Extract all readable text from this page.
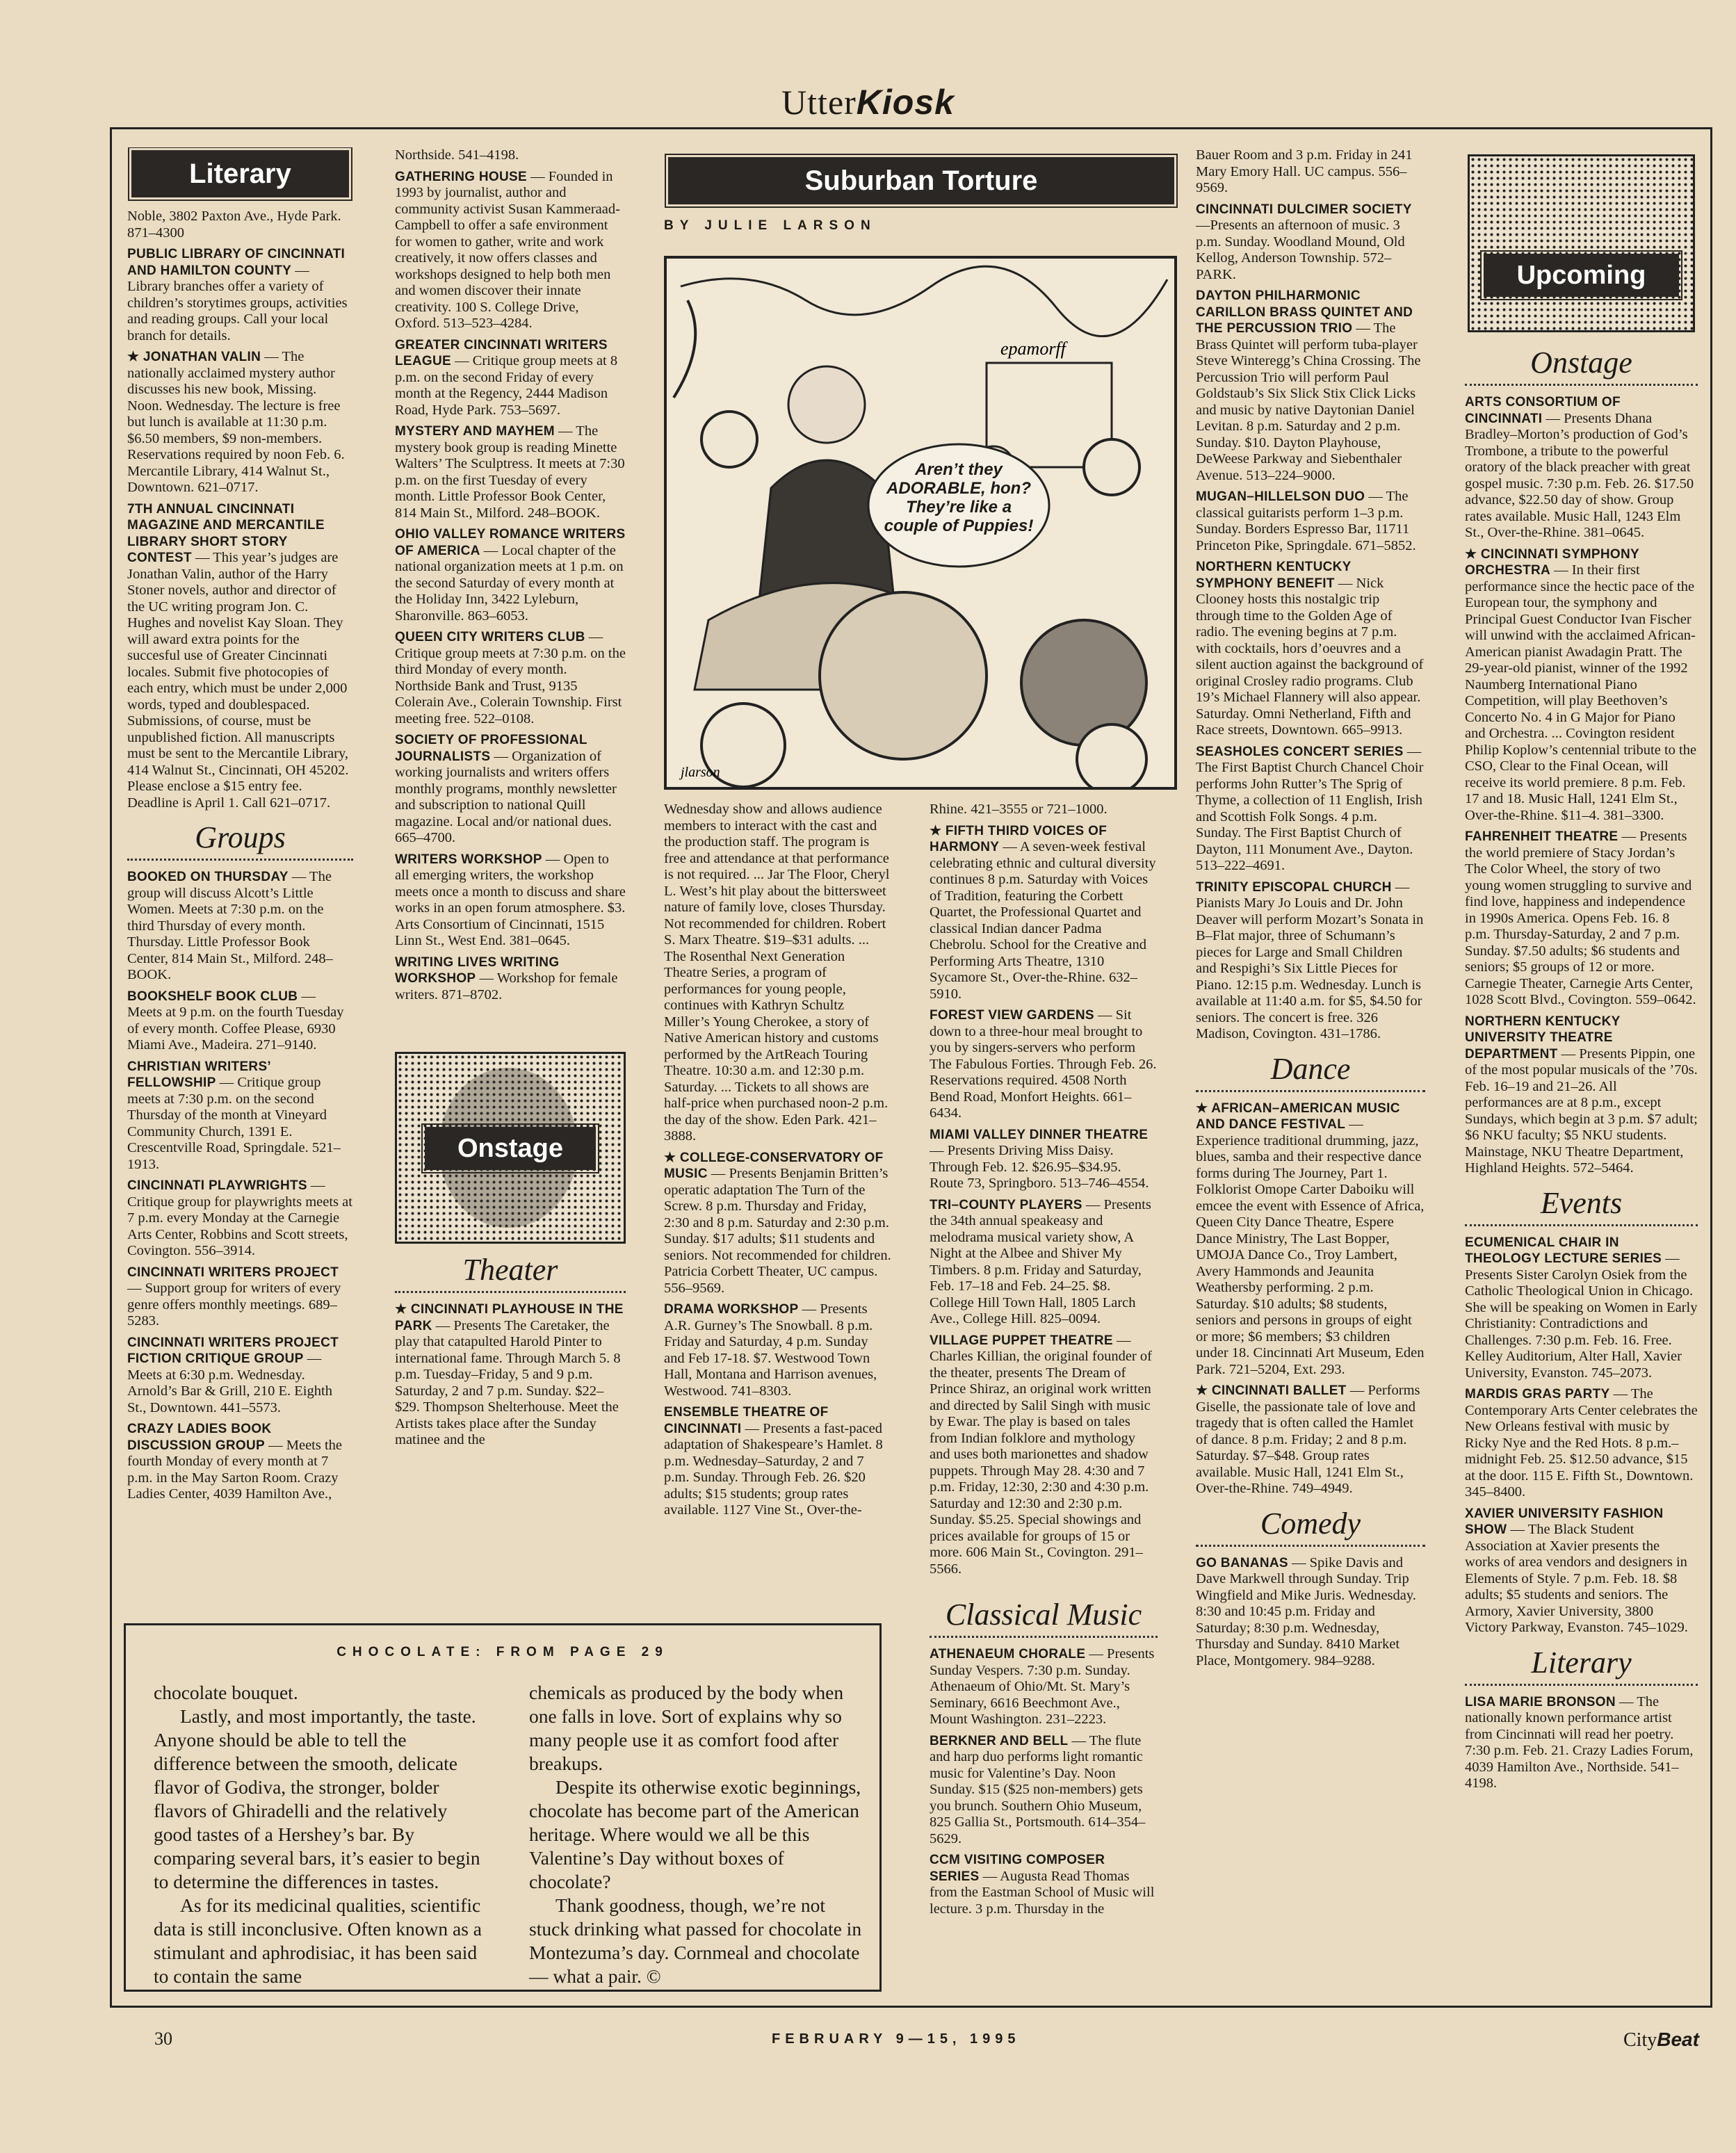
UtterKiosk
Literary

Noble, 3802 Paxton Ave., Hyde Park. 871–4300

PUBLIC LIBRARY OF CINCINNATI AND HAMILTON COUNTY — Library branches offer a variety of children’s storytimes groups, activities and reading groups. Call your local branch for details.

★ JONATHAN VALIN — The nationally acclaimed mystery author discusses his new book, Missing. Noon. Wednesday. The lecture is free but lunch is available at 11:30 p.m. $6.50 members, $9 non-members. Reservations required by noon Feb. 6. Mercantile Library, 414 Walnut St., Downtown. 621–0717.

7TH ANNUAL CINCINNATI MAGAZINE AND MERCANTILE LIBRARY SHORT STORY CONTEST — This year’s judges are Jonathan Valin, author of the Harry Stoner novels, author and director of the UC writing program Jon. C. Hughes and novelist Kay Sloan. They will award extra points for the succesful use of Greater Cincinnati locales. Submit five photocopies of each entry, which must be under 2,000 words, typed and doublespaced. Submissions, of course, must be unpublished fiction. All manuscripts must be sent to the Mercantile Library, 414 Walnut St., Cincinnati, OH 45202. Please enclose a $15 entry fee. Deadline is April 1. Call 621–0717.

Groups

BOOKED ON THURSDAY — The group will discuss Alcott’s Little Women. Meets at 7:30 p.m. on the third Thursday of every month. Thursday. Little Professor Book Center, 814 Main St., Milford. 248–BOOK.

BOOKSHELF BOOK CLUB — Meets at 9 p.m. on the fourth Tuesday of every month. Coffee Please, 6930 Miami Ave., Madeira. 271–9140.

CHRISTIAN WRITERS’ FELLOWSHIP — Critique group meets at 7:30 p.m. on the second Thursday of the month at Vineyard Community Church, 1391 E. Crescentville Road, Springdale. 521–1913.

CINCINNATI PLAYWRIGHTS — Critique group for playwrights meets at 7 p.m. every Monday at the Carnegie Arts Center, Robbins and Scott streets, Covington. 556–3914.

CINCINNATI WRITERS PROJECT — Support group for writers of every genre offers monthly meetings. 689–5283.

CINCINNATI WRITERS PROJECT FICTION CRITIQUE GROUP — Meets at 6:30 p.m. Wednesday. Arnold’s Bar & Grill, 210 E. Eighth St., Downtown. 441–5573.

CRAZY LADIES BOOK DISCUSSION GROUP — Meets the fourth Monday of every month at 7 p.m. in the May Sarton Room. Crazy Ladies Center, 4039 Hamilton Ave.,

Northside. 541–4198.

GATHERING HOUSE — Founded in 1993 by journalist, author and community activist Susan Kammeraad-Campbell to offer a safe environment for women to gather, write and work creatively, it now offers classes and workshops designed to help both men and women discover their innate creativity. 100 S. College Drive, Oxford. 513–523–4284.

GREATER CINCINNATI WRITERS LEAGUE — Critique group meets at 8 p.m. on the second Friday of every month at the Regency, 2444 Madison Road, Hyde Park. 753–5697.

MYSTERY AND MAYHEM — The mystery book group is reading Minette Walters’ The Sculptress. It meets at 7:30 p.m. on the first Tuesday of every month. Little Professor Book Center, 814 Main St., Milford. 248–BOOK.

OHIO VALLEY ROMANCE WRITERS OF AMERICA — Local chapter of the national organization meets at 1 p.m. on the second Saturday of every month at the Holiday Inn, 3422 Lyleburn, Sharonville. 863–6053.

QUEEN CITY WRITERS CLUB — Critique group meets at 7:30 p.m. on the third Monday of every month. Northside Bank and Trust, 9135 Colerain Ave., Colerain Township. First meeting free. 522–0108.

SOCIETY OF PROFESSIONAL JOURNALISTS — Organization of working journalists and writers offers monthly programs, monthly newsletter and subscription to national Quill magazine. Local and/or national dues. 665–4700.

WRITERS WORKSHOP — Open to all emerging writers, the workshop meets once a month to discuss and share works in an open forum atmosphere. $3. Arts Consortium of Cincinnati, 1515 Linn St., West End. 381–0645.

WRITING LIVES WRITING WORKSHOP — Workshop for female writers. 871–8702.

Onstage
Theater

★ CINCINNATI PLAYHOUSE IN THE PARK — Presents The Caretaker, the play that catapulted Harold Pinter to international fame. Through March 5. 8 p.m. Tuesday–Friday, 5 and 9 p.m. Saturday, 2 and 7 p.m. Sunday. $22–$29. Thompson Shelterhouse. Meet the Artists takes place after the Sunday matinee and the

Suburban Torture
BY JULIE LARSON
epamorff
jlarson
Aren’t they ADORABLE, hon? They’re like a couple of Puppies!

Wednesday show and allows audience members to interact with the cast and the production staff. The program is free and attendance at that performance is not required. ... Jar The Floor, Cheryl L. West’s hit play about the bittersweet nature of family love, closes Thursday. Not recommended for children. Robert S. Marx Theatre. $19–$31 adults. ... The Rosenthal Next Generation Theatre Series, a program of performances for young people, continues with Kathryn Schultz Miller’s Young Cherokee, a story of Native American history and customs performed by the ArtReach Touring Theatre. 10:30 a.m. and 12:30 p.m. Saturday. ... Tickets to all shows are half-price when purchased noon-2 p.m. the day of the show. Eden Park. 421–3888.

★ COLLEGE-CONSERVATORY OF MUSIC — Presents Benjamin Britten’s operatic adaptation The Turn of the Screw. 8 p.m. Thursday and Friday, 2:30 and 8 p.m. Saturday and 2:30 p.m. Sunday. $17 adults; $11 students and seniors. Not recommended for children. Patricia Corbett Theater, UC campus. 556–9569.

DRAMA WORKSHOP — Presents A.R. Gurney’s The Snowball. 8 p.m. Friday and Saturday, 4 p.m. Sunday and Feb 17-18. $7. Westwood Town Hall, Montana and Harrison avenues, Westwood. 741–8303.

ENSEMBLE THEATRE OF CINCINNATI — Presents a fast-paced adaptation of Shakespeare’s Hamlet. 8 p.m. Wednesday–Saturday, 2 and 7 p.m. Sunday. Through Feb. 26. $20 adults; $15 students; group rates available. 1127 Vine St., Over-the-

Rhine. 421–3555 or 721–1000.

★ FIFTH THIRD VOICES OF HARMONY — A seven-week festival celebrating ethnic and cultural diversity continues 8 p.m. Saturday with Voices of Tradition, featuring the Corbett Quartet, the Professional Quartet and classical Indian dancer Padma Chebrolu. School for the Creative and Performing Arts Theatre, 1310 Sycamore St., Over-the-Rhine. 632–5910.

FOREST VIEW GARDENS — Sit down to a three-hour meal brought to you by singers-servers who perform The Fabulous Forties. Through Feb. 26. Reservations required. 4508 North Bend Road, Monfort Heights. 661–6434.

MIAMI VALLEY DINNER THEATRE — Presents Driving Miss Daisy. Through Feb. 12. $26.95–$34.95. Route 73, Springboro. 513–746–4554.

TRI–COUNTY PLAYERS — Presents the 34th annual speakeasy and melodrama musical variety show, A Night at the Albee and Shiver My Timbers. 8 p.m. Friday and Saturday, Feb. 17–18 and Feb. 24–25. $8. College Hill Town Hall, 1805 Larch Ave., College Hill. 825–0094.

VILLAGE PUPPET THEATRE — Charles Killian, the original founder of the theater, presents The Dream of Prince Shiraz, an original work written and directed by Salil Singh with music by Ewar. The play is based on tales from Indian folklore and mythology and uses both marionettes and shadow puppets. Through May 28. 4:30 and 7 p.m. Friday, 12:30, 2:30 and 4:30 p.m. Saturday and 12:30 and 2:30 p.m. Sunday. $5.25. Special showings and prices available for groups of 15 or more. 606 Main St., Covington. 291–5566.

Classical Music

ATHENAEUM CHORALE — Presents Sunday Vespers. 7:30 p.m. Sunday. Athenaeum of Ohio/Mt. St. Mary’s Seminary, 6616 Beechmont Ave., Mount Washington. 231–2223.

BERKNER AND BELL — The flute and harp duo performs light romantic music for Valentine’s Day. Noon Sunday. $15 ($25 non-members) gets you brunch. Southern Ohio Museum, 825 Gallia St., Portsmouth. 614–354–5629.

CCM VISITING COMPOSER SERIES — Augusta Read Thomas from the Eastman School of Music will lecture. 3 p.m. Thursday in the

Bauer Room and 3 p.m. Friday in 241 Mary Emory Hall. UC campus. 556–9569.

CINCINNATI DULCIMER SOCIETY —Presents an afternoon of music. 3 p.m. Sunday. Woodland Mound, Old Kellog, Anderson Township. 572–PARK.

DAYTON PHILHARMONIC CARILLON BRASS QUINTET AND THE PERCUSSION TRIO — The Brass Quintet will perform tuba-player Steve Winteregg’s China Crossing. The Percussion Trio will perform Paul Goldstaub’s Six Slick Stix Click Licks and music by native Daytonian Daniel Levitan. 8 p.m. Saturday and 2 p.m. Sunday. $10. Dayton Playhouse, DeWeese Parkway and Siebenthaler Avenue. 513–224–9000.

MUGAN–HILLELSON DUO — The classical guitarists perform 1–3 p.m. Sunday. Borders Espresso Bar, 11711 Princeton Pike, Springdale. 671–5852.

NORTHERN KENTUCKY SYMPHONY BENEFIT — Nick Clooney hosts this nostalgic trip through time to the Golden Age of radio. The evening begins at 7 p.m. with cocktails, hors d’oeuvres and a silent auction against the background of original Crosley radio programs. Club 19’s Michael Flannery will also appear. Saturday. Omni Netherland, Fifth and Race streets, Downtown. 665–9913.

SEASHOLES CONCERT SERIES — The First Baptist Church Chancel Choir performs John Rutter’s The Sprig of Thyme, a collection of 11 English, Irish and Scottish Folk Songs. 4 p.m. Sunday. The First Baptist Church of Dayton, 111 Monument Ave., Dayton. 513–222–4691.

TRINITY EPISCOPAL CHURCH — Pianists Mary Jo Louis and Dr. John Deaver will perform Mozart’s Sonata in B–Flat major, three of Schumann’s pieces for Large and Small Children and Respighi’s Six Little Pieces for Piano. 12:15 p.m. Wednesday. Lunch is available at 11:40 a.m. for $5, $4.50 for seniors. The concert is free. 326 Madison, Covington. 431–1786.

Dance

★ AFRICAN–AMERICAN MUSIC AND DANCE FESTIVAL — Experience traditional drumming, jazz, blues, samba and their respective dance forms during The Journey, Part 1. Folklorist Omope Carter Daboiku will emcee the event with Essence of Africa, Queen City Dance Theatre, Espere Dance Ministry, The Last Bopper, UMOJA Dance Co., Troy Lambert, Avery Hammonds and Jeaunita Weathersby performing. 2 p.m. Saturday. $10 adults; $8 students, seniors and persons in groups of eight or more; $6 members; $3 children under 18. Cincinnati Art Museum, Eden Park. 721–5204, Ext. 293.

★ CINCINNATI BALLET — Performs Giselle, the passionate tale of love and tragedy that is often called the Hamlet of dance. 8 p.m. Friday; 2 and 8 p.m. Saturday. $7–$48. Group rates available. Music Hall, 1241 Elm St., Over-the-Rhine. 749–4949.

Comedy

GO BANANAS — Spike Davis and Dave Markwell through Sunday. Trip Wingfield and Mike Juris. Wednesday. 8:30 and 10:45 p.m. Friday and Saturday; 8:30 p.m. Wednesday, Thursday and Sunday. 8410 Market Place, Montgomery. 984–9288.

Upcoming
Onstage

ARTS CONSORTIUM OF CINCINNATI — Presents Dhana Bradley–Morton’s production of God’s Trombone, a tribute to the powerful oratory of the black preacher with great gospel music. 7:30 p.m. Feb. 26. $17.50 advance, $22.50 day of show. Group rates available. Music Hall, 1243 Elm St., Over-the-Rhine. 381–0645.

★ CINCINNATI SYMPHONY ORCHESTRA — In their first performance since the hectic pace of the European tour, the symphony and Principal Guest Conductor Ivan Fischer will unwind with the acclaimed African-American pianist Awadagin Pratt. The 29-year-old pianist, winner of the 1992 Naumberg International Piano Competition, will play Beethoven’s Concerto No. 4 in G Major for Piano and Orchestra. ... Covington resident Philip Koplow’s centennial tribute to the CSO, Clear to the Final Ocean, will receive its world premiere. 8 p.m. Feb. 17 and 18. Music Hall, 1241 Elm St., Over-the-Rhine. $11–4. 381–3300.

FAHRENHEIT THEATRE — Presents the world premiere of Stacy Jordan’s The Color Wheel, the story of two young women struggling to survive and find love, happiness and independence in 1990s America. Opens Feb. 16. 8 p.m. Thursday-Saturday, 2 and 7 p.m. Sunday. $7.50 adults; $6 students and seniors; $5 groups of 12 or more. Carnegie Theater, Carnegie Arts Center, 1028 Scott Blvd., Covington. 559–0642.

NORTHERN KENTUCKY UNIVERSITY THEATRE DEPARTMENT — Presents Pippin, one of the most popular musicals of the ’70s. Feb. 16–19 and 21–26. All performances are at 8 p.m., except Sundays, which begin at 3 p.m. $7 adult; $6 NKU faculty; $5 NKU students. Mainstage, NKU Theatre Department, Highland Heights. 572–5464.

Events

ECUMENICAL CHAIR IN THEOLOGY LECTURE SERIES — Presents Sister Carolyn Osiek from the Catholic Theological Union in Chicago. She will be speaking on Women in Early Christianity: Contradictions and Challenges. 7:30 p.m. Feb. 16. Free. Kelley Auditorium, Alter Hall, Xavier University, Evanston. 745–2073.

MARDIS GRAS PARTY — The Contemporary Arts Center celebrates the New Orleans festival with music by Ricky Nye and the Red Hots. 8 p.m.–midnight Feb. 25. $12.50 advance, $15 at the door. 115 E. Fifth St., Downtown. 345–8400.

XAVIER UNIVERSITY FASHION SHOW — The Black Student Association at Xavier presents the works of area vendors and designers in Elements of Style. 7 p.m. Feb. 18. $8 adults; $5 students and seniors. The Armory, Xavier University, 3800 Victory Parkway, Evanston. 745–1029.

Literary

LISA MARIE BRONSON — The nationally known performance artist from Cincinnati will read her poetry. 7:30 p.m. Feb. 21. Crazy Ladies Forum, 4039 Hamilton Ave., Northside. 541–4198.

CHOCOLATE: FROM PAGE 29

chocolate bouquet.

Lastly, and most importantly, the taste. Anyone should be able to tell the difference between the smooth, delicate flavor of Godiva, the stronger, bolder flavors of Ghiradelli and the relatively good tastes of a Hershey’s bar. By comparing several bars, it’s easier to begin to determine the differences in tastes.

As for its medicinal qualities, scientific data is still inconclusive. Often known as a stimulant and aphrodisiac, it has been said to contain the same

chemicals as produced by the body when one falls in love. Sort of explains why so many people use it as comfort food after breakups.

Despite its otherwise exotic beginnings, chocolate has become part of the American heritage. Where would we all be this Valentine’s Day without boxes of chocolate?

Thank goodness, though, we’re not stuck drinking what passed for chocolate in Montezuma’s day. Cornmeal and chocolate — what a pair. ©

30	FEBRUARY 9—15, 1995	CityBeat
